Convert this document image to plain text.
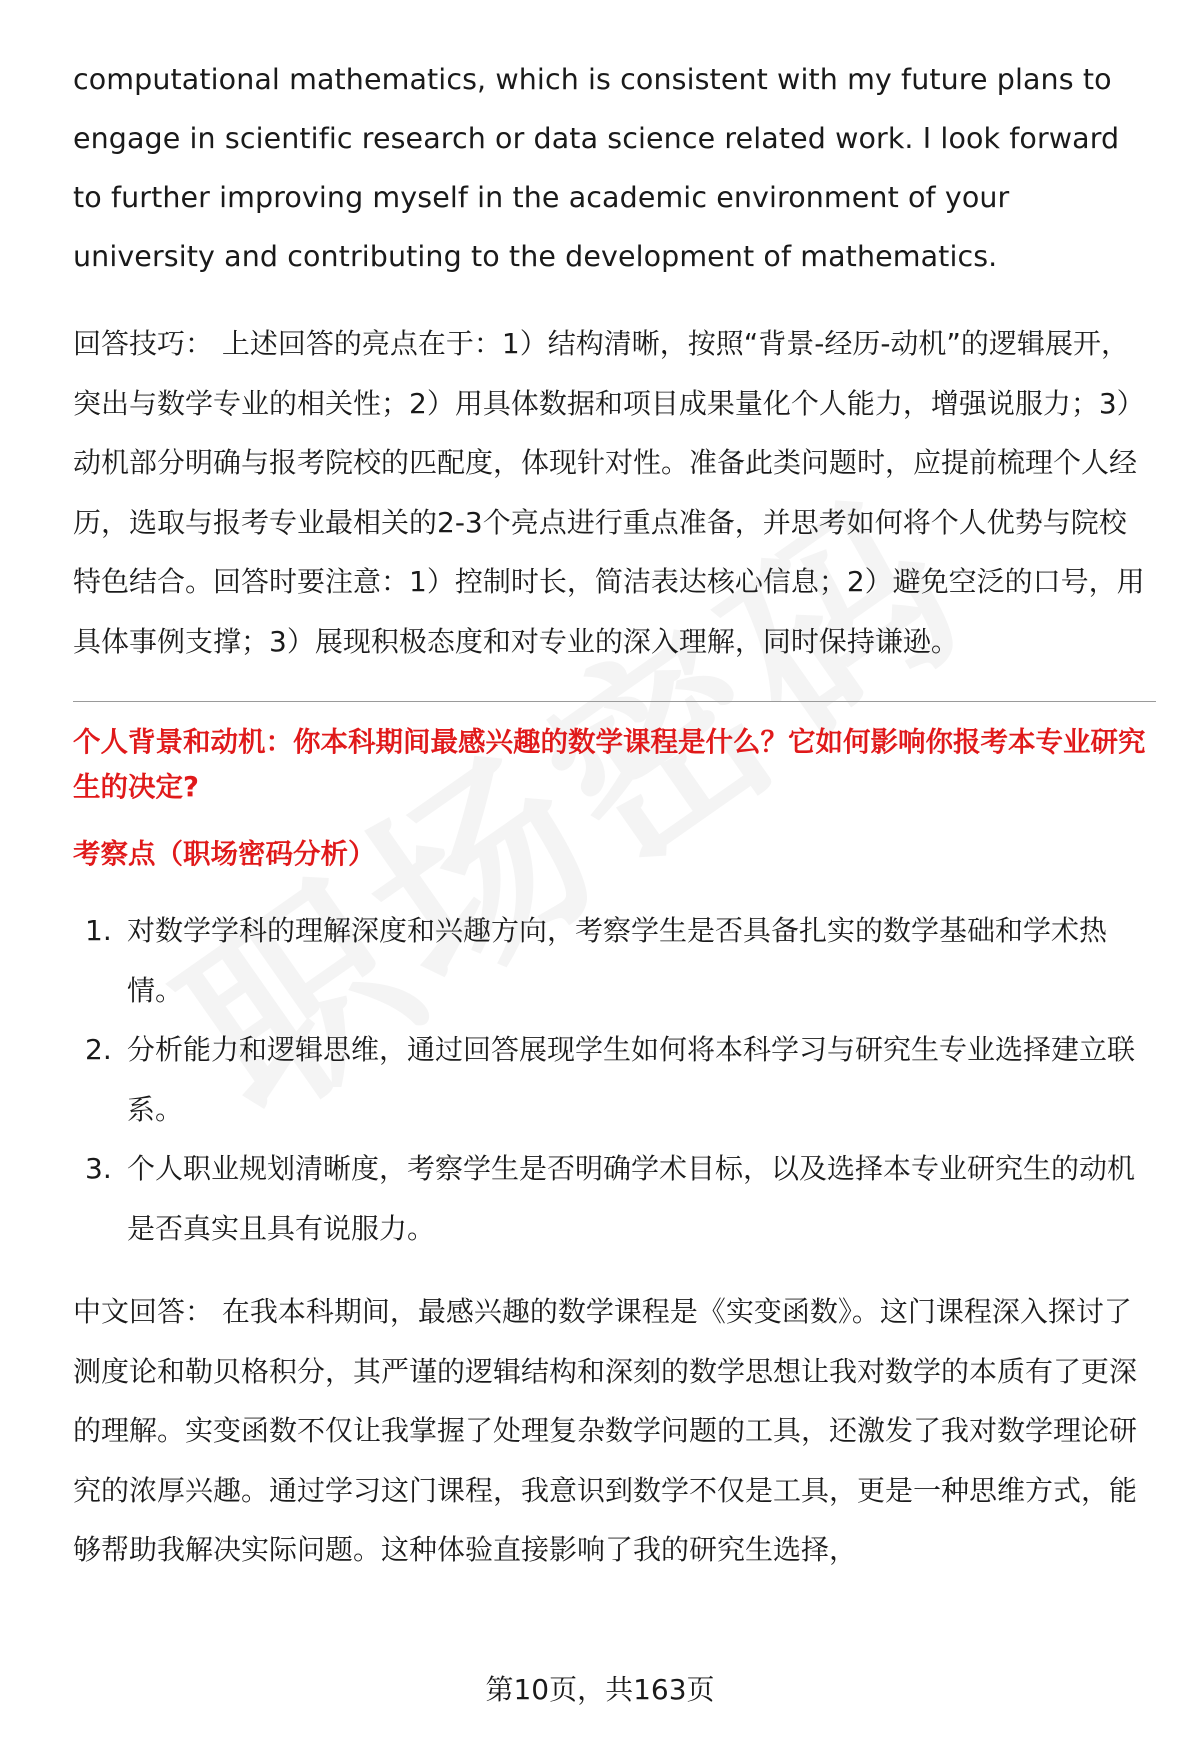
computational mathematics, which is consistent with my future plans to engage in scientific research or data science related work. I look forward to further improving myself in the academic environment of your university and contributing to the development of mathematics.

回答技巧： 上述回答的亮点在于：1）结构清晰，按照“背景-经历-动机”的逻辑展开，突出与数学专业的相关性；2）用具体数据和项目成果量化个人能力，增强说服力；3）动机部分明确与报考院校的匹配度，体现针对性。准备此类问题时，应提前梳理个人经历，选取与报考专业最相关的2-3个亮点进行重点准备，并思考如何将个人优势与院校特色结合。回答时要注意：1）控制时长，简洁表达核心信息；2）避免空泛的口号，用具体事例支撑；3）展现积极态度和对专业的深入理解，同时保持谦逊。

个人背景和动机：你本科期间最感兴趣的数学课程是什么？它如何影响你报考本专业研究生的决定?

考察点（职场密码分析）

1. 对数学学科的理解深度和兴趣方向，考察学生是否具备扎实的数学基础和学术热情。
2. 分析能力和逻辑思维，通过回答展现学生如何将本科学习与研究生专业选择建立联系。
3. 个人职业规划清晰度，考察学生是否明确学术目标，以及选择本专业研究生的动机是否真实且具有说服力。

中文回答： 在我本科期间，最感兴趣的数学课程是《实变函数》。这门课程深入探讨了测度论和勒贝格积分，其严谨的逻辑结构和深刻的数学思想让我对数学的本质有了更深的理解。实变函数不仅让我掌握了处理复杂数学问题的工具，还激发了我对数学理论研究的浓厚兴趣。通过学习这门课程，我意识到数学不仅是工具，更是一种思维方式，能够帮助我解决实际问题。这种体验直接影响了我的研究生选择，

第10页，共163页
